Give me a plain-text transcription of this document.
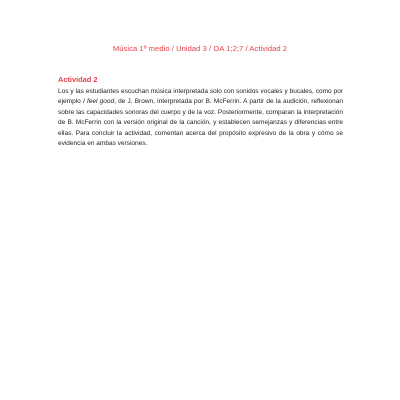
Música 1º medio / Unidad 3 / OA 1;2;7 / Actividad 2
Actividad 2

Los y las estudiantes escuchan música interpretada solo con sonidos vocales y bucales, como por ejemplo I feel good, de J. Brown, interpretada por B. McFerrin. A partir de la audición, reflexionan sobre las capacidades sonoras del cuerpo y de la voz. Posteriormente, comparan la interpretación de B. McFerrin con la versión original de la canción, y establecen semejanzas y diferencias entre ellas. Para concluir la actividad, comentan acerca del propósito expresivo de la obra y cómo se evidencia en ambas versiones.
